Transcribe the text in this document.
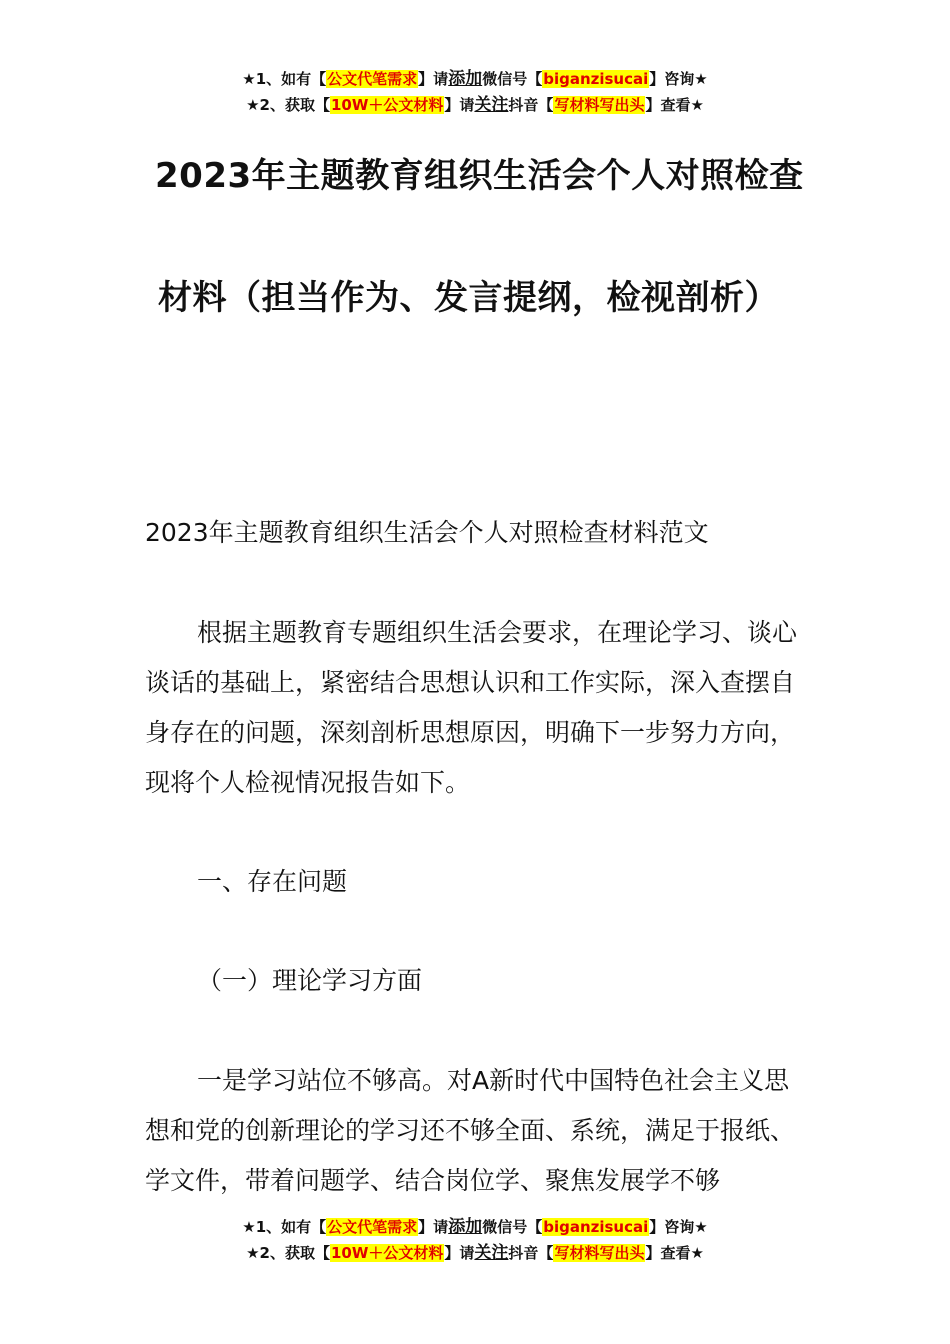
★1、如有【公文代笔需求】请添加微信号【biganzisucai】咨询★
★2、获取【10W＋公文材料】请关注抖音【写材料写出头】查看★
2023年主题教育组织生活会个人对照检查
材料（担当作为、发言提纲，检视剖析）
2023年主题教育组织生活会个人对照检查材料范文
根据主题教育专题组织生活会要求，在理论学习、谈心谈话的基础上，紧密结合思想认识和工作实际，深入查摆自身存在的问题，深刻剖析思想原因，明确下一步努力方向，现将个人检视情况报告如下。
一、存在问题
（一）理论学习方面
一是学习站位不够高。对A新时代中国特色社会主义思想和党的创新理论的学习还不够全面、系统，满足于报纸、学文件，带着问题学、结合岗位学、聚焦发展学不够
★1、如有【公文代笔需求】请添加微信号【biganzisucai】咨询★
★2、获取【10W＋公文材料】请关注抖音【写材料写出头】查看★
